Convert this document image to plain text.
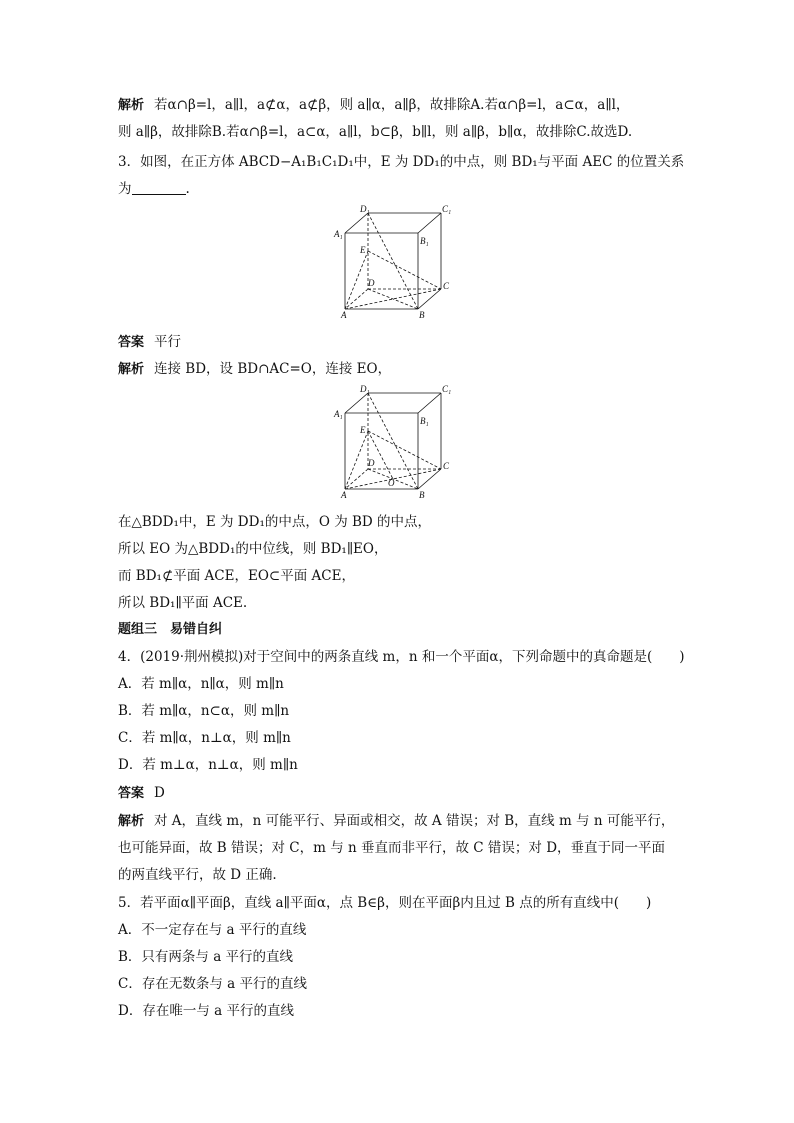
解析 若α∩β=l，a∥l，a⊄α，a⊄β，则 a∥α，a∥β，故排除A.若α∩β=l，a⊂α，a∥l，
则 a∥β，故排除B.若α∩β=l，a⊂α，a∥l，b⊂β，b∥l，则 a∥β，b∥α，故排除C.故选D.
3．如图，在正方体 ABCD−A₁B₁C₁D₁中，E 为 DD₁的中点，则 BD₁与平面 AEC 的位置关系
为	.
D₁	C₁
A₁
B₁
E
D	C
A	B
答案 平行
解析 连接 BD，设 BD∩AC=O，连接 EO，
D₁	C₁
A₁
B₁
E
D	C
A	B
O
在△BDD₁中，E 为 DD₁的中点，O 为 BD 的中点，
所以 EO 为△BDD₁的中位线，则 BD₁∥EO，
而 BD₁⊄平面 ACE，EO⊂平面 ACE，
所以 BD₁∥平面 ACE.
题组三　易错自纠
4．(2019·荆州模拟)对于空间中的两条直线 m，n 和一个平面α，下列命题中的真命题是(　　)
A．若 m∥α，n∥α，则 m∥n
B．若 m∥α，n⊂α，则 m∥n
C．若 m∥α，n⊥α，则 m∥n
D．若 m⊥α，n⊥α，则 m∥n
答案 D
解析 对 A，直线 m，n 可能平行、异面或相交，故 A 错误；对 B，直线 m 与 n 可能平行，
也可能异面，故 B 错误；对 C，m 与 n 垂直而非平行，故 C 错误；对 D，垂直于同一平面
的两直线平行，故 D 正确.
5．若平面α∥平面β，直线 a∥平面α，点 B∈β，则在平面β内且过 B 点的所有直线中(　　)
A．不一定存在与 a 平行的直线
B．只有两条与 a 平行的直线
C．存在无数条与 a 平行的直线
D．存在唯一与 a 平行的直线
